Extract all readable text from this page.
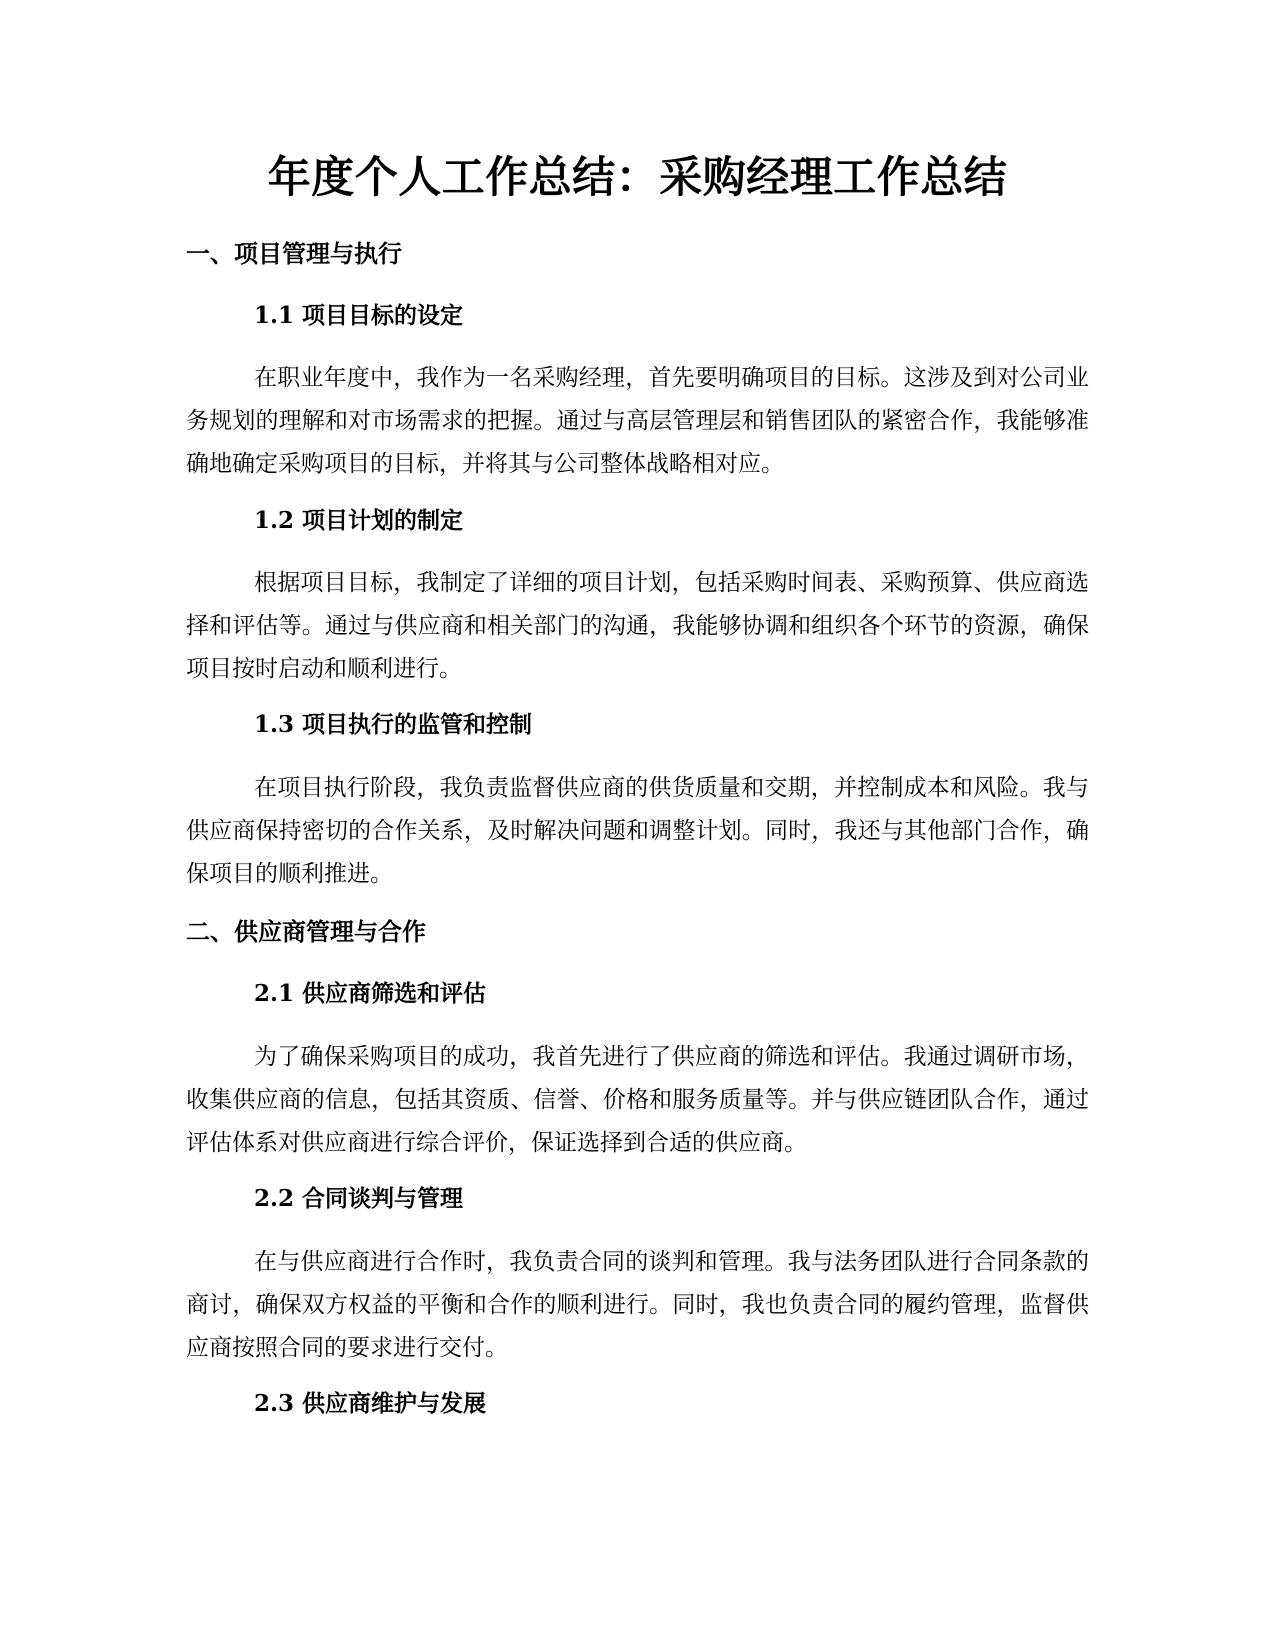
年度个人工作总结：采购经理工作总结
一、项目管理与执行
1.1 项目目标的设定

在职业年度中，我作为一名采购经理，首先要明确项目的目标。这涉及到对公司业务规划的理解和对市场需求的把握。通过与高层管理层和销售团队的紧密合作，我能够准确地确定采购项目的目标，并将其与公司整体战略相对应。

1.2 项目计划的制定

根据项目目标，我制定了详细的项目计划，包括采购时间表、采购预算、供应商选择和评估等。通过与供应商和相关部门的沟通，我能够协调和组织各个环节的资源，确保项目按时启动和顺利进行。

1.3 项目执行的监管和控制

在项目执行阶段，我负责监督供应商的供货质量和交期，并控制成本和风险。我与供应商保持密切的合作关系，及时解决问题和调整计划。同时，我还与其他部门合作，确保项目的顺利推进。

二、供应商管理与合作
2.1 供应商筛选和评估

为了确保采购项目的成功，我首先进行了供应商的筛选和评估。我通过调研市场，收集供应商的信息，包括其资质、信誉、价格和服务质量等。并与供应链团队合作，通过评估体系对供应商进行综合评价，保证选择到合适的供应商。

2.2 合同谈判与管理

在与供应商进行合作时，我负责合同的谈判和管理。我与法务团队进行合同条款的商讨，确保双方权益的平衡和合作的顺利进行。同时，我也负责合同的履约管理，监督供应商按照合同的要求进行交付。

2.3 供应商维护与发展
